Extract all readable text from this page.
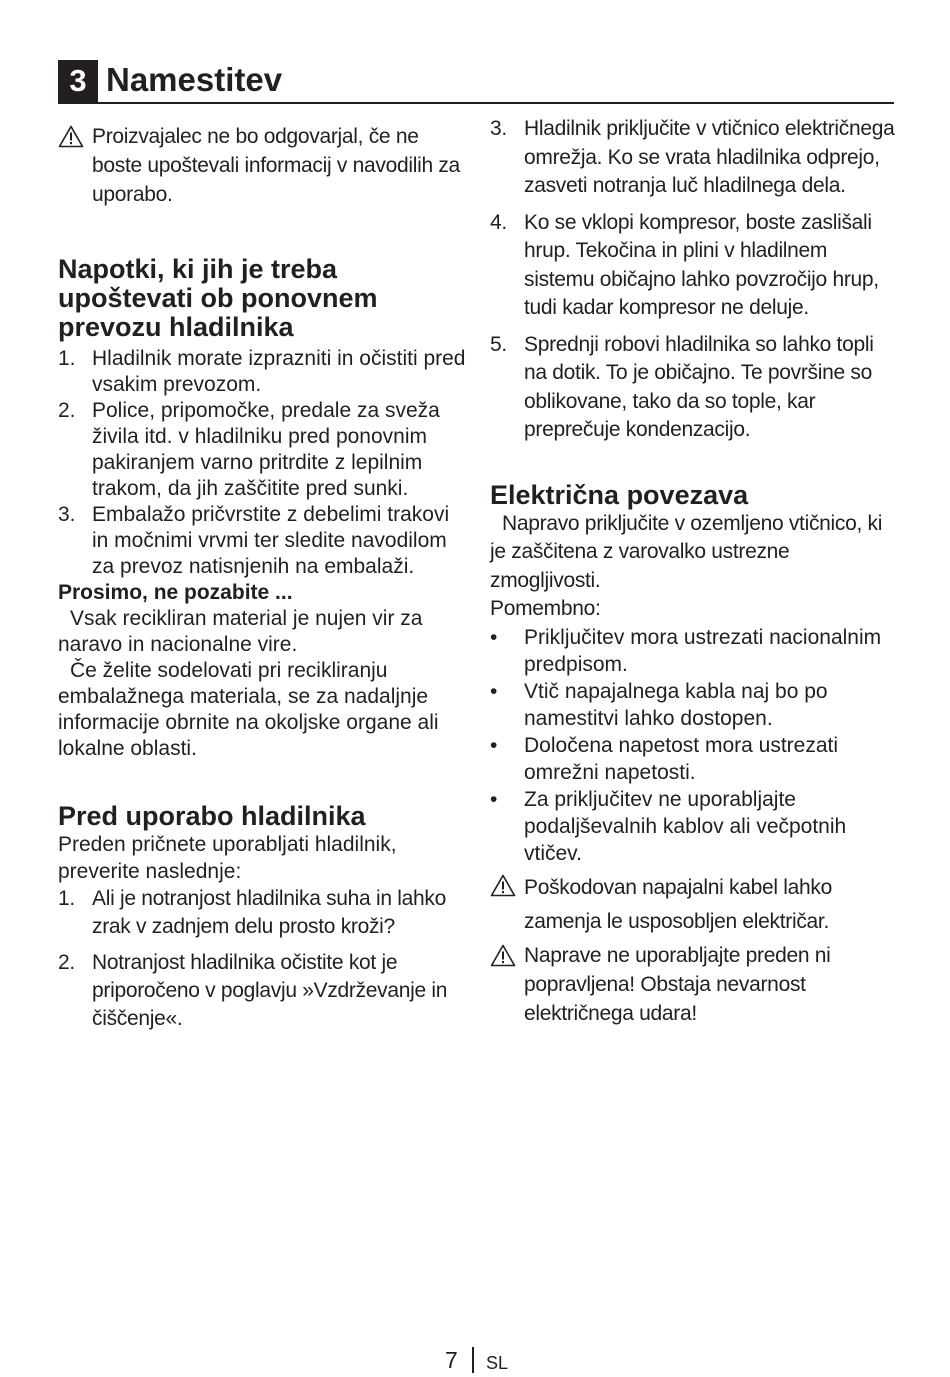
3 Namestitev
Proizvajalec ne bo odgovarjal, če ne boste upoštevali informacij v navodilih za uporabo.
Napotki, ki jih je treba upoštevati ob ponovnem prevozu hladilnika
1. Hladilnik morate izprazniti in očistiti pred vsakim prevozom.
2. Police, pripomočke, predale za sveža živila itd. v hladilniku pred ponovnim pakiranjem varno pritrdite z lepilnim trakom, da jih zaščitite pred sunki.
3. Embalažo pričvrstite z debelimi trakovi in močnimi vrvmi ter sledite navodilom za prevoz natisnjenih na embalaži.
Prosimo, ne pozabite ...
Vsak recikliran material je nujen vir za naravo in nacionalne vire.
Če želite sodelovati pri recikliranju embalažnega materiala, se za nadaljnje informacije obrnite na okoljske organe ali lokalne oblasti.
Pred uporabo hladilnika
Preden pričnete uporabljati hladilnik, preverite naslednje:
1. Ali je notranjost hladilnika suha in lahko zrak v zadnjem delu prosto kroži?
2. Notranjost hladilnika očistite kot je priporočeno v poglavju »Vzdrževanje in čiščenje«.
3. Hladilnik priključite v vtičnico električnega omrežja. Ko se vrata hladilnika odprejo, zasveti notranja luč hladilnega dela.
4. Ko se vklopi kompresor, boste zaslišali hrup. Tekočina in plini v hladilnem sistemu običajno lahko povzročijo hrup, tudi kadar kompresor ne deluje.
5. Sprednji robovi hladilnika so lahko topli na dotik. To je običajno. Te površine so oblikovane, tako da so tople, kar preprečuje kondenzacijo.
Električna povezava
Napravo priključite v ozemljeno vtičnico, ki je zaščitena z varovalko ustrezne zmogljivosti.
Pomembno:
• Priključitev mora ustrezati nacionalnim predpisom.
• Vtič napajalnega kabla naj bo po namestitvi lahko dostopen.
• Določena napetost mora ustrezati omrežni napetosti.
• Za priključitev ne uporabljajte podaljševalnih kablov ali večpotnih vtičev.
Poškodovan napajalni kabel lahko
zamenja le usposobljen električar.
Naprave ne uporabljajte preden ni popravljena! Obstaja nevarnost električnega udara!
7 SL
